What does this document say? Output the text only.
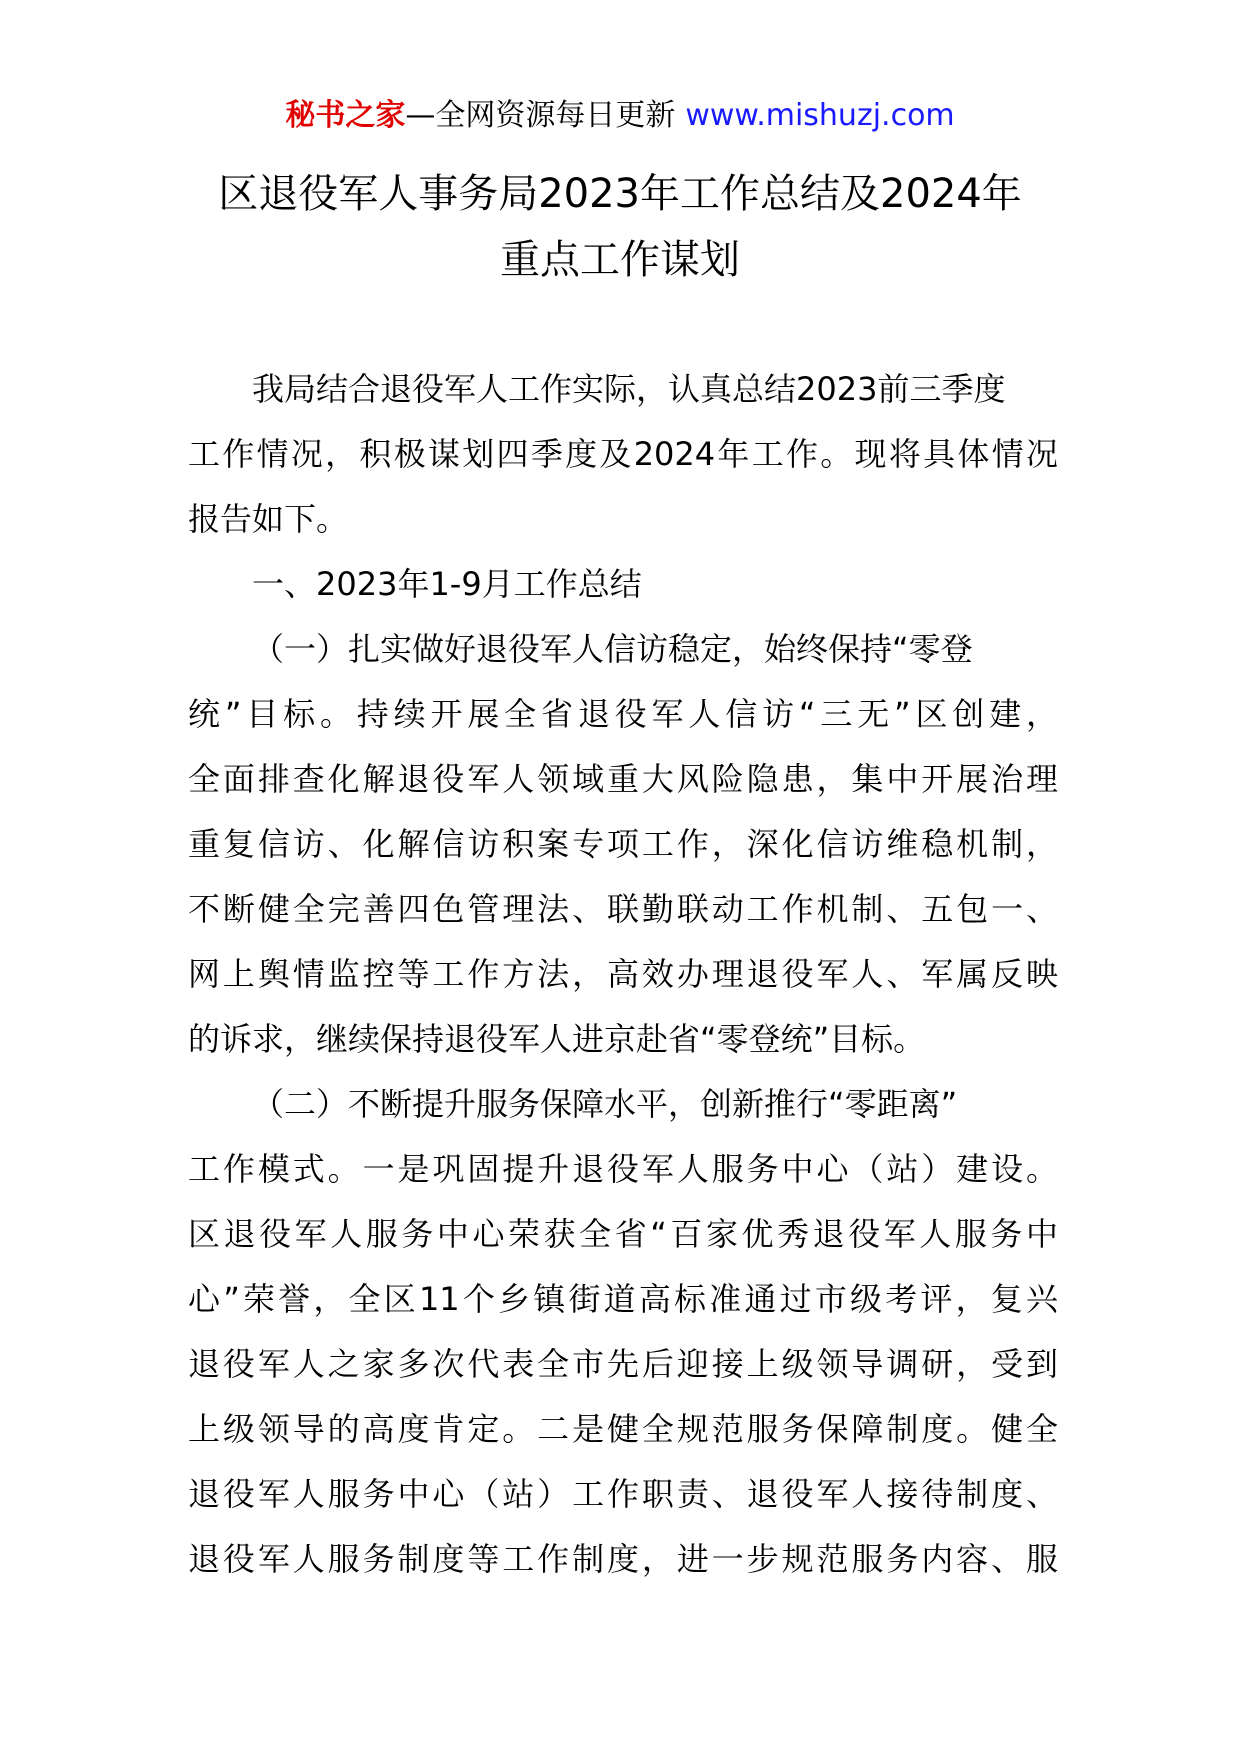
秘书之家—全网资源每日更新 www.mishuzj.com
区退役军人事务局2023年工作总结及2024年
重点工作谋划
我局结合退役军人工作实际，认真总结2023前三季度
工作情况，积极谋划四季度及2024年工作。现将具体情况
报告如下。
一、2023年1-9月工作总结
（一）扎实做好退役军人信访稳定，始终保持“零登
统”目标。持续开展全省退役军人信访“三无”区创建，
全面排查化解退役军人领域重大风险隐患，集中开展治理
重复信访、化解信访积案专项工作，深化信访维稳机制，
不断健全完善四色管理法、联勤联动工作机制、五包一、
网上舆情监控等工作方法，高效办理退役军人、军属反映
的诉求，继续保持退役军人进京赴省“零登统”目标。
（二）不断提升服务保障水平，创新推行“零距离”
工作模式。一是巩固提升退役军人服务中心（站）建设。
区退役军人服务中心荣获全省“百家优秀退役军人服务中
心”荣誉，全区11个乡镇街道高标准通过市级考评，复兴
退役军人之家多次代表全市先后迎接上级领导调研，受到
上级领导的高度肯定。二是健全规范服务保障制度。健全
退役军人服务中心（站）工作职责、退役军人接待制度、
退役军人服务制度等工作制度，进一步规范服务内容、服
